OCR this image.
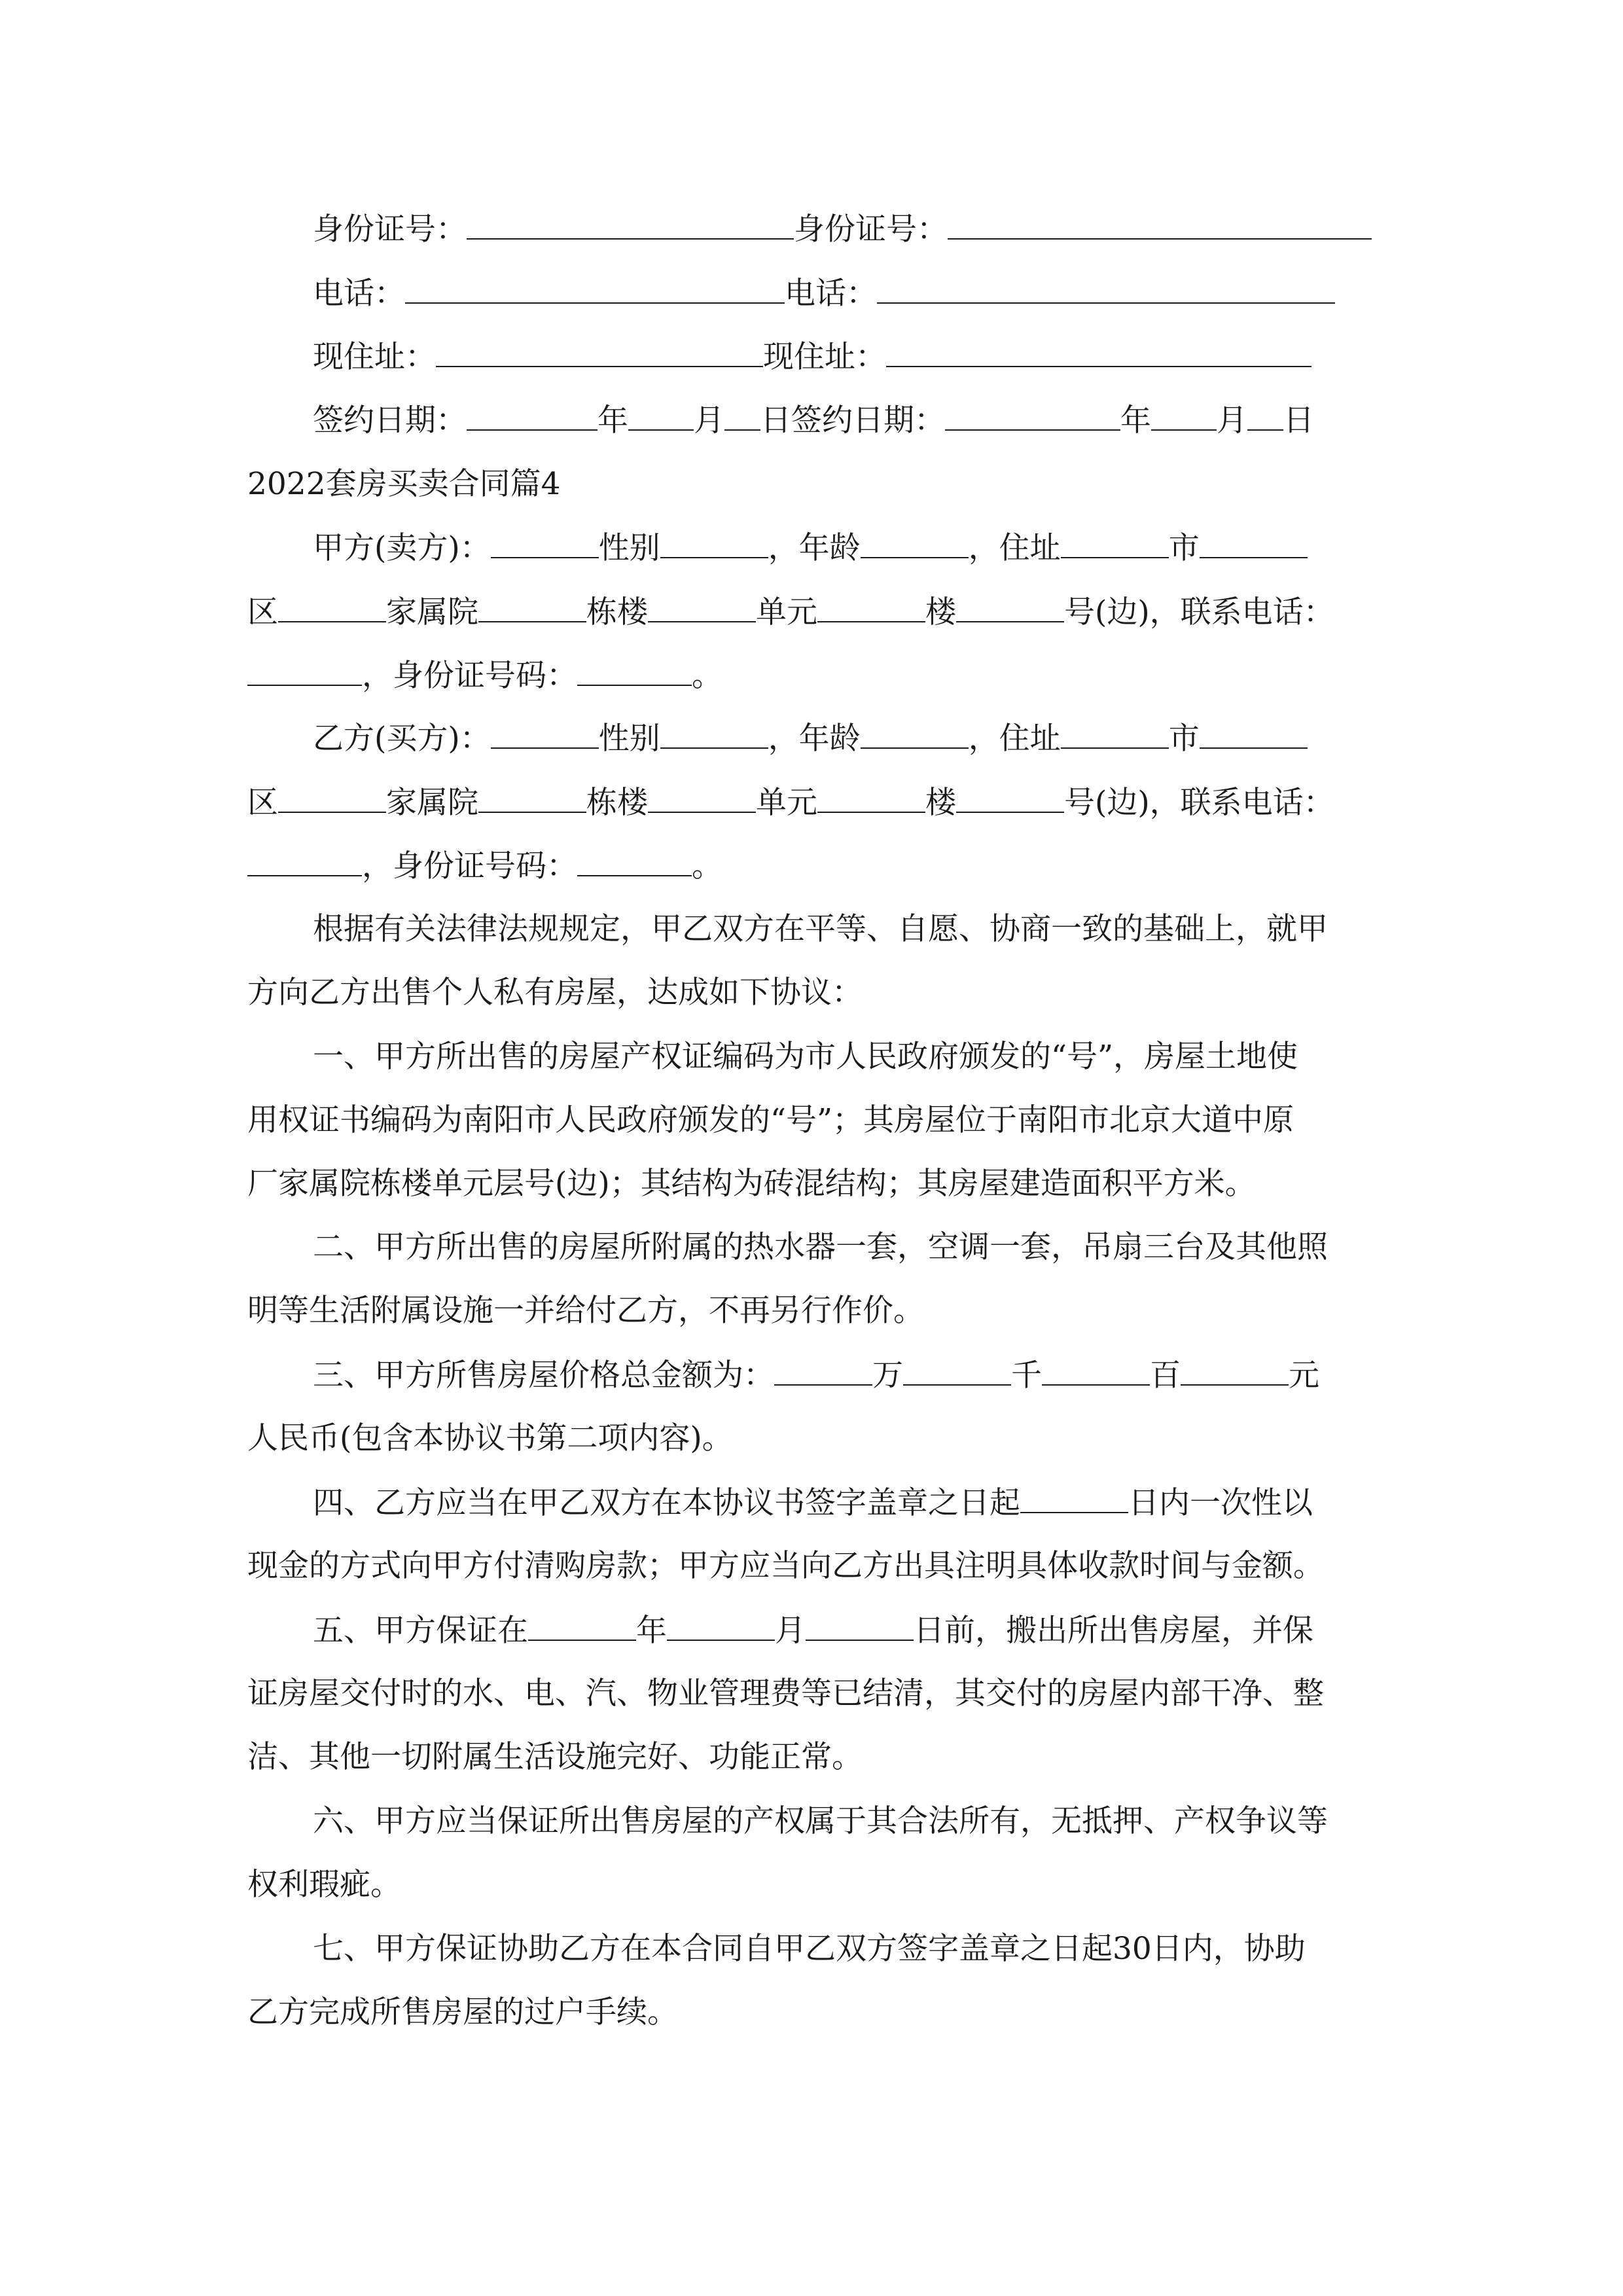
身份证号：	身份证号：
电话：	电话：
现住址：	现住址：
签约日期：	年 月 日签约日期：	年 月 日
2022套房买卖合同篇4
甲方(卖方)：	性别	，年龄	，住址	市
区	家属院	栋楼	单元	楼	号(边)，联系电话：
，身份证号码：	。
乙方(买方)：	性别	，年龄	，住址	市
区	家属院	栋楼	单元	楼	号(边)，联系电话：
，身份证号码：	。
根据有关法律法规规定，甲乙双方在平等、自愿、协商一致的基础上，就甲
方向乙方出售个人私有房屋，达成如下协议：
一、甲方所出售的房屋产权证编码为市人民政府颁发的“号”，房屋土地使
用权证书编码为南阳市人民政府颁发的“号”；其房屋位于南阳市北京大道中原
厂家属院栋楼单元层号(边)；其结构为砖混结构；其房屋建造面积平方米。
二、甲方所出售的房屋所附属的热水器一套，空调一套，吊扇三台及其他照
明等生活附属设施一并给付乙方，不再另行作价。
三、甲方所售房屋价格总金额为：	万	千	百	元
人民币(包含本协议书第二项内容)。
四、乙方应当在甲乙双方在本协议书签字盖章之日起	日内一次性以
现金的方式向甲方付清购房款；甲方应当向乙方出具注明具体收款时间与金额。
五、甲方保证在	年	月	日前，搬出所出售房屋，并保
证房屋交付时的水、电、汽、物业管理费等已结清，其交付的房屋内部干净、整
洁、其他一切附属生活设施完好、功能正常。
六、甲方应当保证所出售房屋的产权属于其合法所有，无抵押、产权争议等
权利瑕疵。
七、甲方保证协助乙方在本合同自甲乙双方签字盖章之日起30日内，协助
乙方完成所售房屋的过户手续。
